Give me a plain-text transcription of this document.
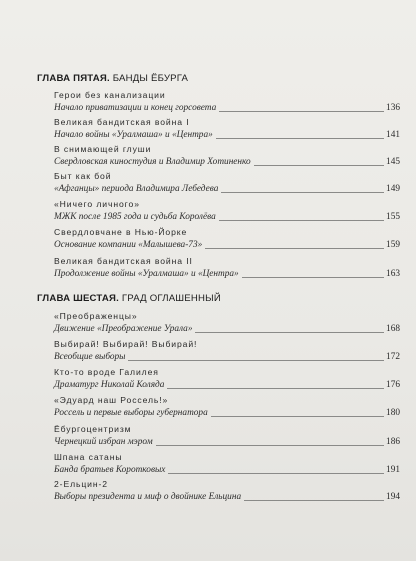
ГЛАВА ПЯТАЯ. БАНДЫ ЁБУРГА
Герои без канализации
Начало приватизации и конец горсовета	136
Великая бандитская война I
Начало войны «Уралмаша» и «Центра»	141
В снимающей глуши
Свердловская киностудия и Владимир Хотиненко	145
Быт как бой
«Афганцы» периода Владимира Лебедева	149
«Ничего личного»
МЖК после 1985 года и судьба Королёва	155
Свердловчане в Нью-Йорке
Основание компании «Малышева-73»	159
Великая бандитская война II
Продолжение войны «Уралмаша» и «Центра»	163
ГЛАВА ШЕСТАЯ. ГРАД ОГЛАШЕННЫЙ
«Преображенцы»
Движение «Преображение Урала»	168
Выбирай! Выбирай! Выбирай!
Всеобщие выборы	172
Кто-то вроде Галилея
Драматург Николай Коляда	176
«Эдуард наш Россель!»
Россель и первые выборы губернатора	180
Ёбургоцентризм
Чернецкий избран мэром	186
Шпана сатаны
Банда братьев Коротковых	191
2-Ельцин-2
Выборы президента и миф о двойнике Ельцина	194
